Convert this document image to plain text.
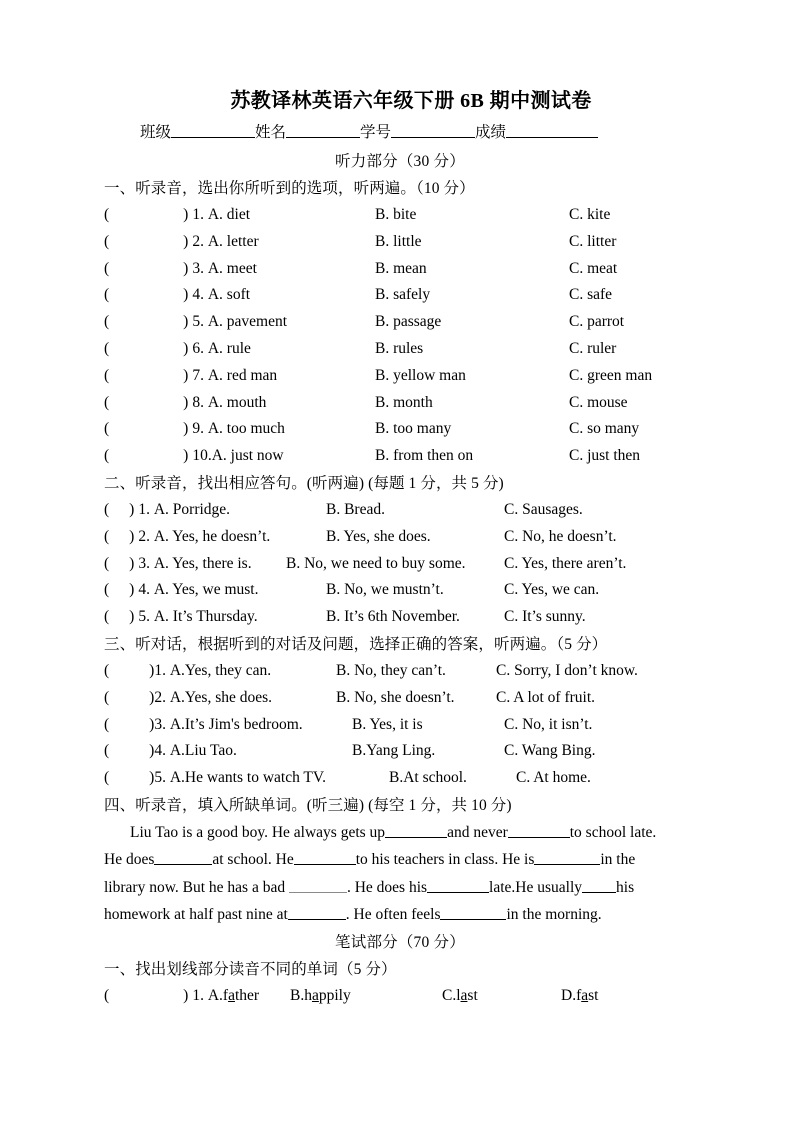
苏教译林英语六年级下册 6B 期中测试卷
班级	姓名	学号	成绩
听力部分（30 分）
一、听录音，选出你所听到的选项，听两遍。（10 分）
(	) 1. A. diet	B. bite	C. kite
(	) 2. A. letter	B. little	C. litter
(	) 3. A. meet	B. mean	C. meat
(	) 4. A. soft	B. safely	C. safe
(	) 5. A. pavement	B. passage	C. parrot
(	) 6. A. rule	B. rules	C. ruler
(	) 7. A. red man	B. yellow man	C. green man
(	) 8. A. mouth	B. month	C. mouse
(	) 9. A. too much	B. too many	C. so many
(	) 10.A. just now	B. from then on	C. just then
二、听录音，找出相应答句。(听两遍) (每题 1 分，共 5 分)
( ) 1. A. Porridge.	B. Bread.	C. Sausages.
( ) 2. A. Yes, he doesn’t.	B. Yes, she does.	C. No, he doesn’t.
( ) 3. A. Yes, there is. B. No, we need to buy some. C. Yes, there aren’t.
( ) 4. A. Yes, we must.	B. No, we mustn’t.	C. Yes, we can.
( ) 5. A. It’s Thursday.	B. It’s 6th November.	C. It’s sunny.
三、听对话，根据听到的对话及问题，选择正确的答案，听两遍。（5 分）
(	)1. A.Yes, they can.	B. No, they can’t.	C. Sorry, I don’t know.
(	)2. A.Yes, she does.	B. No, she doesn’t.	C. A lot of fruit.
(	)3. A.It’s Jim's bedroom.	B. Yes, it is	C. No, it isn’t.
(	)4. A.Liu Tao.	B.Yang Ling.	C. Wang Bing.
(	)5. A.He wants to watch TV.	B.At school.	C. At home.
四、听录音，填入所缺单词。(听三遍) (每空 1 分，共 10 分)
Liu Tao is a good boy. He always gets up	and never	to school late.
He does	at school. He	to his teachers in class. He is	in the
library now. But he has a bad	. He does his	late.He usually his
homework at half past nine at	. He often feels	in the morning.
笔试部分（70 分）
一、找出划线部分读音不同的单词（5 分）
(	) 1. A.father B.happily	C.last	D.fast
